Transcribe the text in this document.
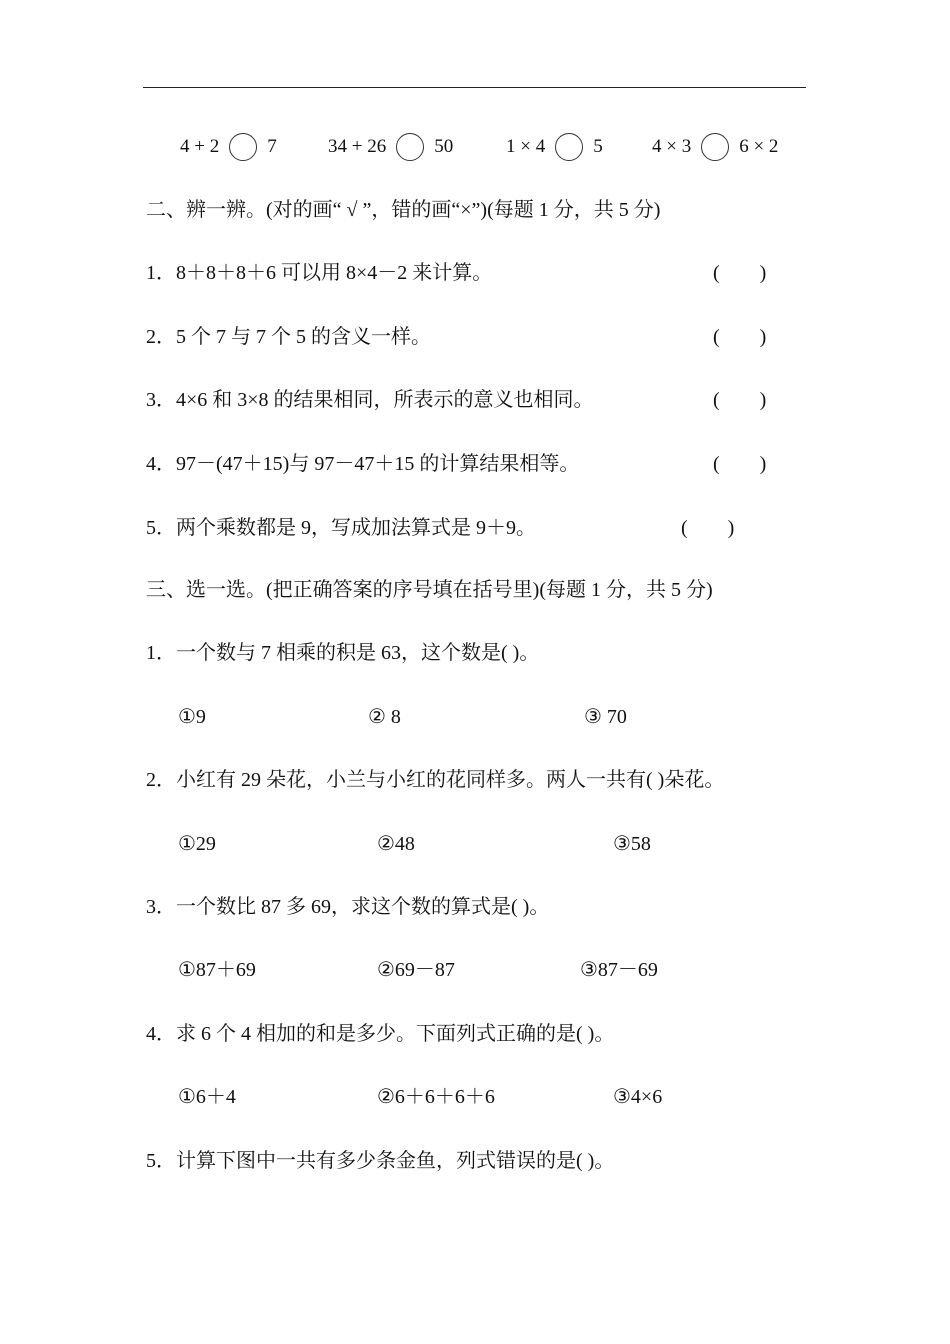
4 + 2	7	34 + 26	50	1 × 4	5	4 × 3	6 × 2
二、辨一辨。(对的画“ √ ”，错的画“×”)(每题 1 分，共 5 分)
1．8＋8＋8＋6 可以用 8×4－2 来计算。	(        )
2．5 个 7 与 7 个 5 的含义一样。	(        )
3．4×6 和 3×8 的结果相同，所表示的意义也相同。	(        )
4．97－(47＋15)与 97－47＋15 的计算结果相等。	(        )
5．两个乘数都是 9，写成加法算式是 9＋9。	(        )
三、选一选。(把正确答案的序号填在括号里)(每题 1 分，共 5 分)
1．一个数与 7 相乘的积是 63，这个数是( )。
①9	② 8	③ 70
2．小红有 29 朵花，小兰与小红的花同样多。两人一共有( )朵花。
①29	②48	③58
3．一个数比 87 多 69，求这个数的算式是( )。
①87＋69	②69－87	③87－69
4．求 6 个 4 相加的和是多少。下面列式正确的是( )。
①6＋4	②6＋6＋6＋6	③4×6
5．计算下图中一共有多少条金鱼，列式错误的是( )。
